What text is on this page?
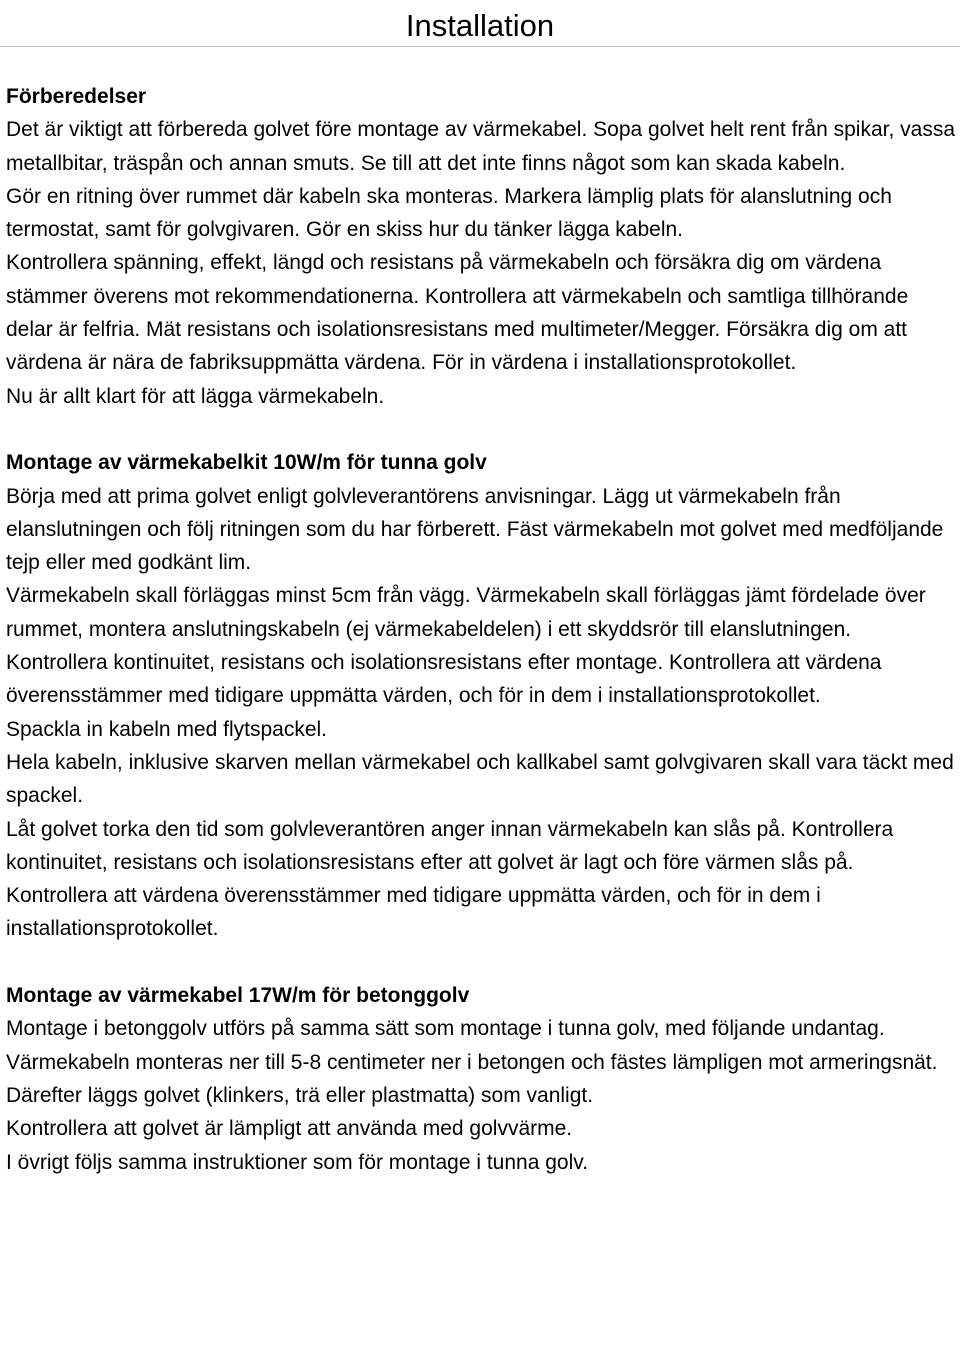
Installation

Förberedelser

Det är viktigt att förbereda golvet före montage av värmekabel. Sopa golvet helt rent från spikar, vassa metallbitar, träspån och annan smuts. Se till att det inte finns något som kan skada kabeln.

Gör en ritning över rummet där kabeln ska monteras. Markera lämplig plats för alanslutning och termostat, samt för golvgivaren. Gör en skiss hur du tänker lägga kabeln.

Kontrollera spänning, effekt, längd och resistans på värmekabeln och försäkra dig om värdena stämmer överens mot rekommendationerna. Kontrollera att värmekabeln och samtliga tillhörande delar är felfria. Mät resistans och isolationsresistans med multimeter/Megger. Försäkra dig om att värdena är nära de fabriksuppmätta värdena. För in värdena i installationsprotokollet.

Nu är allt klart för att lägga värmekabeln.

Montage av värmekabelkit 10W/m för tunna golv

Börja med att prima golvet enligt golvleverantörens anvisningar. Lägg ut värmekabeln från elanslutningen och följ ritningen som du har förberett. Fäst värmekabeln mot golvet med medföljande tejp eller med godkänt lim.

Värmekabeln skall förläggas minst 5cm från vägg. Värmekabeln skall förläggas jämt fördelade över rummet, montera anslutningskabeln (ej värmekabeldelen) i ett skyddsrör till elanslutningen. Kontrollera kontinuitet, resistans och isolationsresistans efter montage. Kontrollera att värdena överensstämmer med tidigare uppmätta värden, och för in dem i installationsprotokollet.

Spackla in kabeln med flytspackel.

Hela kabeln, inklusive skarven mellan värmekabel och kallkabel samt golvgivaren skall vara täckt med spackel.

Låt golvet torka den tid som golvleverantören anger innan värmekabeln kan slås på. Kontrollera kontinuitet, resistans och isolationsresistans efter att golvet är lagt och före värmen slås på. Kontrollera att värdena överensstämmer med tidigare uppmätta värden, och för in dem i installationsprotokollet.

Montage av värmekabel 17W/m för betonggolv

Montage i betonggolv utförs på samma sätt som montage i tunna golv, med följande undantag.

Värmekabeln monteras ner till 5-8 centimeter ner i betongen och fästes lämpligen mot armeringsnät. Därefter läggs golvet (klinkers, trä eller plastmatta) som vanligt.

Kontrollera att golvet är lämpligt att använda med golvvärme.

I övrigt följs samma instruktioner som för montage i tunna golv.
